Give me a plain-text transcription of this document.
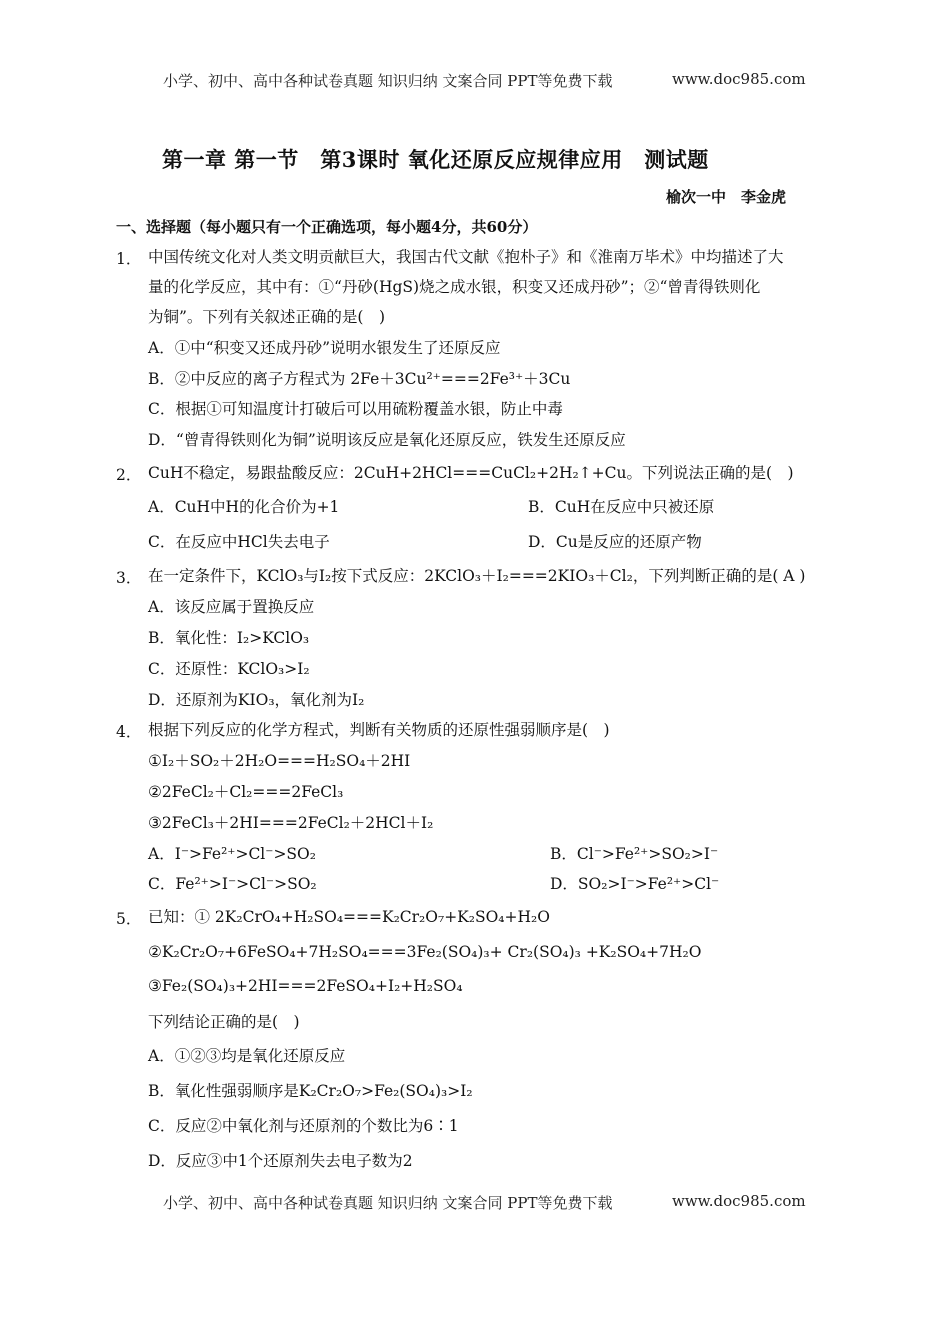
小学、初中、高中各种试卷真题 知识归纳 文案合同 PPT等免费下载	www.doc985.com
第一章 第一节　第3课时 氧化还原反应规律应用　测试题
榆次一中　李金虎
一、选择题（每小题只有一个正确选项，每小题4分，共60分）
1． 中国传统文化对人类文明贡献巨大，我国古代文献《抱朴子》和《淮南万毕术》中均描述了大
量的化学反应，其中有：①“丹砂(HgS)烧之成水银，积变又还成丹砂”；②“曾青得铁则化
为铜”。下列有关叙述正确的是(　)
A．①中“积变又还成丹砂”说明水银发生了还原反应
B．②中反应的离子方程式为 2Fe＋3Cu²⁺===2Fe³⁺＋3Cu
C．根据①可知温度计打破后可以用硫粉覆盖水银，防止中毒
D．“曾青得铁则化为铜”说明该反应是氧化还原反应，铁发生还原反应
2． CuH不稳定，易跟盐酸反应：2CuH+2HCl===CuCl₂+2H₂↑+Cu。下列说法正确的是(　)
A．CuH中H的化合价为+1	B．CuH在反应中只被还原
C．在反应中HCl失去电子	D．Cu是反应的还原产物
3． 在一定条件下，KClO₃与I₂按下式反应：2KClO₃＋I₂===2KIO₃＋Cl₂，下列判断正确的是( A )
A．该反应属于置换反应
B．氧化性：I₂>KClO₃
C．还原性：KClO₃>I₂
D．还原剂为KIO₃，氧化剂为I₂
4． 根据下列反应的化学方程式，判断有关物质的还原性强弱顺序是(　)
①I₂＋SO₂＋2H₂O===H₂SO₄＋2HI
②2FeCl₂＋Cl₂===2FeCl₃
③2FeCl₃＋2HI===2FeCl₂＋2HCl＋I₂
A．I⁻>Fe²⁺>Cl⁻>SO₂	B．Cl⁻>Fe²⁺>SO₂>I⁻
C．Fe²⁺>I⁻>Cl⁻>SO₂	D．SO₂>I⁻>Fe²⁺>Cl⁻
5． 已知：① 2K₂CrO₄+H₂SO₄===K₂Cr₂O₇+K₂SO₄+H₂O
②K₂Cr₂O₇+6FeSO₄+7H₂SO₄===3Fe₂(SO₄)₃+ Cr₂(SO₄)₃ +K₂SO₄+7H₂O
③Fe₂(SO₄)₃+2HI===2FeSO₄+I₂+H₂SO₄
下列结论正确的是(　)
A．①②③均是氧化还原反应
B．氧化性强弱顺序是K₂Cr₂O₇>Fe₂(SO₄)₃>I₂
C．反应②中氧化剂与还原剂的个数比为6∶1
D．反应③中1个还原剂失去电子数为2
小学、初中、高中各种试卷真题 知识归纳 文案合同 PPT等免费下载	www.doc985.com
